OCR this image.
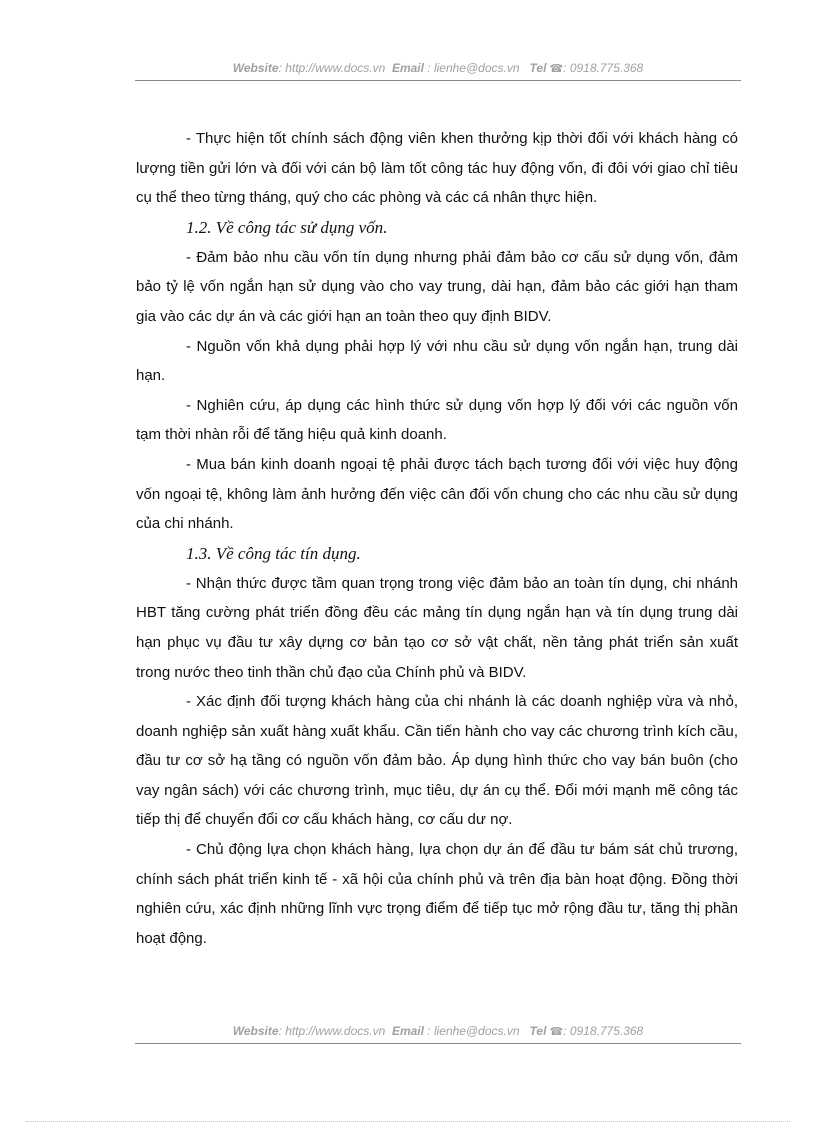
Website: http://www.docs.vn Email : lienhe@docs.vn Tel ☎: 0918.775.368

- Thực hiện tốt chính sách động viên khen thưởng kịp thời đối với khách hàng có lượng tiền gửi lớn và đối với cán bộ làm tốt công tác huy động vốn, đi đôi với giao chỉ tiêu cụ thể theo từng tháng, quý cho các phòng và các cá nhân thực hiện.

1.2. Về công tác sử dụng vốn.

- Đảm bảo nhu cầu vốn tín dụng nhưng phải đảm bảo cơ cấu sử dụng vốn, đảm bảo tỷ lệ vốn ngắn hạn sử dụng vào cho vay trung, dài hạn, đảm bảo các giới hạn tham gia vào các dự án và các giới hạn an toàn theo quy định BIDV.

- Nguồn vốn khả dụng phải hợp lý với nhu cầu sử dụng vốn ngắn hạn, trung dài hạn.

- Nghiên cứu, áp dụng các hình thức sử dụng vốn hợp lý đối với các nguồn vốn tạm thời nhàn rỗi để tăng hiệu quả kinh doanh.

- Mua bán kinh doanh ngoại tệ phải được tách bạch tương đối với việc huy động vốn ngoại tệ, không làm ảnh hưởng đến việc cân đối vốn chung cho các nhu cầu sử dụng của chi nhánh.

1.3. Về công tác tín dụng.

- Nhận thức được tầm quan trọng trong việc đảm bảo an toàn tín dụng, chi nhánh HBT tăng cường phát triển đồng đều các mảng tín dụng ngắn hạn và tín dụng trung dài hạn phục vụ đầu tư xây dựng cơ bản tạo cơ sở vật chất, nền tảng phát triển sản xuất trong nước theo tinh thần chủ đạo của Chính phủ và BIDV.

- Xác định đối tượng khách hàng của chi nhánh là các doanh nghiệp vừa và nhỏ, doanh nghiệp sản xuất hàng xuất khẩu. Cần tiến hành cho vay các chương trình kích cầu, đầu tư cơ sở hạ tầng có nguồn vốn đảm bảo. Áp dụng hình thức cho vay bán buôn (cho vay ngân sách) với các chương trình, mục tiêu, dự án cụ thể. Đổi mới mạnh mẽ công tác tiếp thị để chuyển đổi cơ cấu khách hàng, cơ cấu dư nợ.

- Chủ động lựa chọn khách hàng, lựa chọn dự án để đầu tư bám sát chủ trương, chính sách phát triển kinh tế - xã hội của chính phủ và trên địa bàn hoạt động. Đồng thời nghiên cứu, xác định những lĩnh vực trọng điểm để tiếp tục mở rộng đầu tư, tăng thị phần hoạt động.

Website: http://www.docs.vn Email : lienhe@docs.vn Tel ☎: 0918.775.368
